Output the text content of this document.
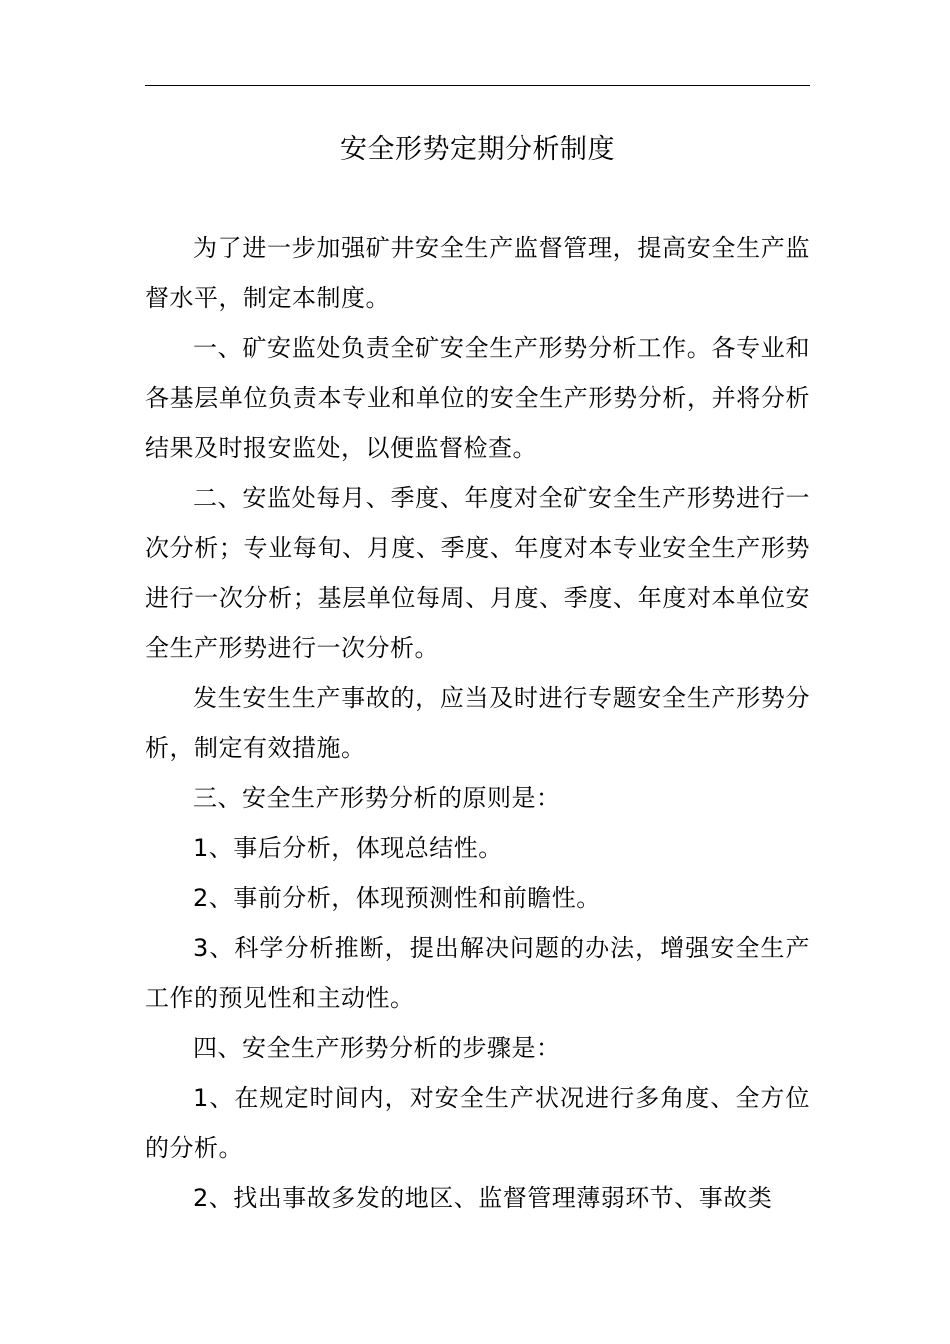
安全形势定期分析制度

为了进一步加强矿井安全生产监督管理，提高安全生产监督水平，制定本制度。

一、矿安监处负责全矿安全生产形势分析工作。各专业和各基层单位负责本专业和单位的安全生产形势分析，并将分析结果及时报安监处，以便监督检查。

二、安监处每月、季度、年度对全矿安全生产形势进行一次分析；专业每旬、月度、季度、年度对本专业安全生产形势进行一次分析；基层单位每周、月度、季度、年度对本单位安全生产形势进行一次分析。

发生安生生产事故的，应当及时进行专题安全生产形势分析，制定有效措施。

三、安全生产形势分析的原则是：

1、事后分析，体现总结性。

2、事前分析，体现预测性和前瞻性。

3、科学分析推断，提出解决问题的办法，增强安全生产工作的预见性和主动性。

四、安全生产形势分析的步骤是：

1、在规定时间内，对安全生产状况进行多角度、全方位的分析。

2、找出事故多发的地区、监督管理薄弱环节、事故类
